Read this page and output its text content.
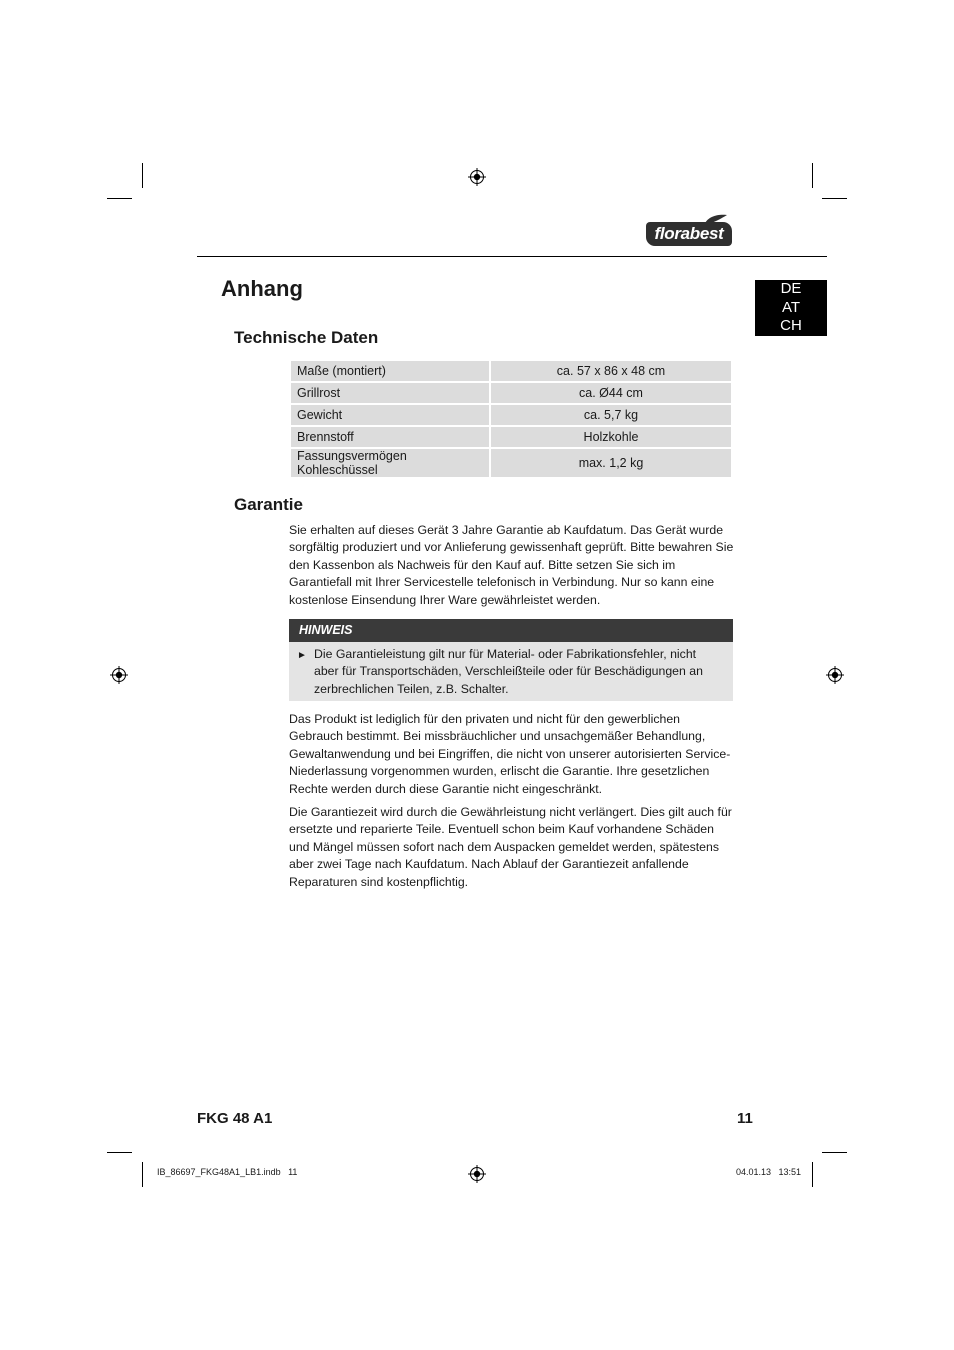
florabest
DE
AT
CH
Anhang
Technische Daten
Maße (montiert)	ca. 57 x 86 x 48 cm
Grillrost	ca. Ø44 cm
Gewicht	ca. 5,7 kg
Brennstoff	Holzkohle
Fassungsvermögen Kohleschüssel	max. 1,2 kg
Garantie
Sie erhalten auf dieses Gerät 3 Jahre Garantie ab Kaufdatum. Das Gerät wurde sorgfältig produziert und vor Anlieferung gewissenhaft geprüft. Bitte bewahren Sie den Kassenbon als Nachweis für den Kauf auf. Bitte setzen Sie sich im Garantiefall mit Ihrer Servicestelle telefonisch in Verbindung. Nur so kann eine kostenlose Einsendung Ihrer Ware gewährleistet werden.
HINWEIS
► Die Garantieleistung gilt nur für Material- oder Fabrikationsfehler, nicht aber für Transportschäden, Verschleißteile oder für Beschädigungen an zerbrechlichen Teilen, z.B. Schalter.
Das Produkt ist lediglich für den privaten und nicht für den gewerblichen Gebrauch bestimmt. Bei missbräuchlicher und unsachgemäßer Behandlung, Gewaltanwendung und bei Eingriffen, die nicht von unserer autorisierten Service-Niederlassung vorgenommen wurden, erlischt die Garantie. Ihre gesetzlichen Rechte werden durch diese Garantie nicht eingeschränkt.
Die Garantiezeit wird durch die Gewährleistung nicht verlängert. Dies gilt auch für ersetzte und reparierte Teile. Eventuell schon beim Kauf vorhandene Schäden und Mängel müssen sofort nach dem Auspacken gemeldet werden, spätestens aber zwei Tage nach Kaufdatum. Nach Ablauf der Garantiezeit anfallende Reparaturen sind kostenpflichtig.
FKG 48 A1	11
IB_86697_FKG48A1_LB1.indb   11	04.01.13   13:51
